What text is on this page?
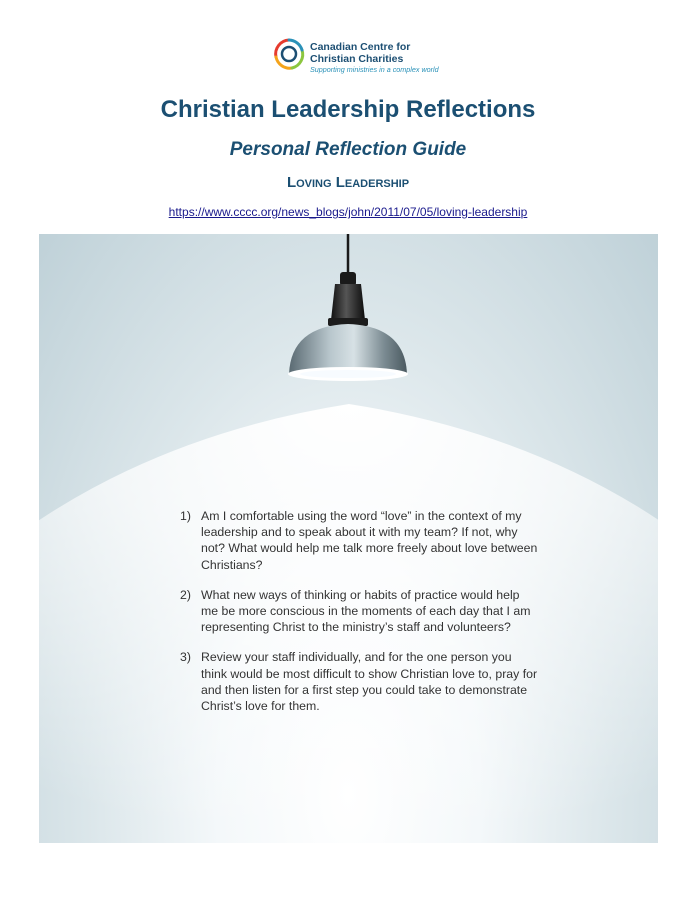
Canadian Centre for
Christian Charities
Supporting ministries in a complex world
Christian Leadership Reflections
Personal Reflection Guide
Loving Leadership
https://www.cccc.org/news_blogs/john/2011/07/05/loving-leadership
1) Am I comfortable using the word “love” in the context of my leadership and to speak about it with my team? If not, why not? What would help me talk more freely about love between Christians?
2) What new ways of thinking or habits of practice would help me be more conscious in the moments of each day that I am representing Christ to the ministry’s staff and volunteers?
3) Review your staff individually, and for the one person you think would be most difficult to show Christian love to, pray for and then listen for a first step you could take to demonstrate Christ’s love for them.
